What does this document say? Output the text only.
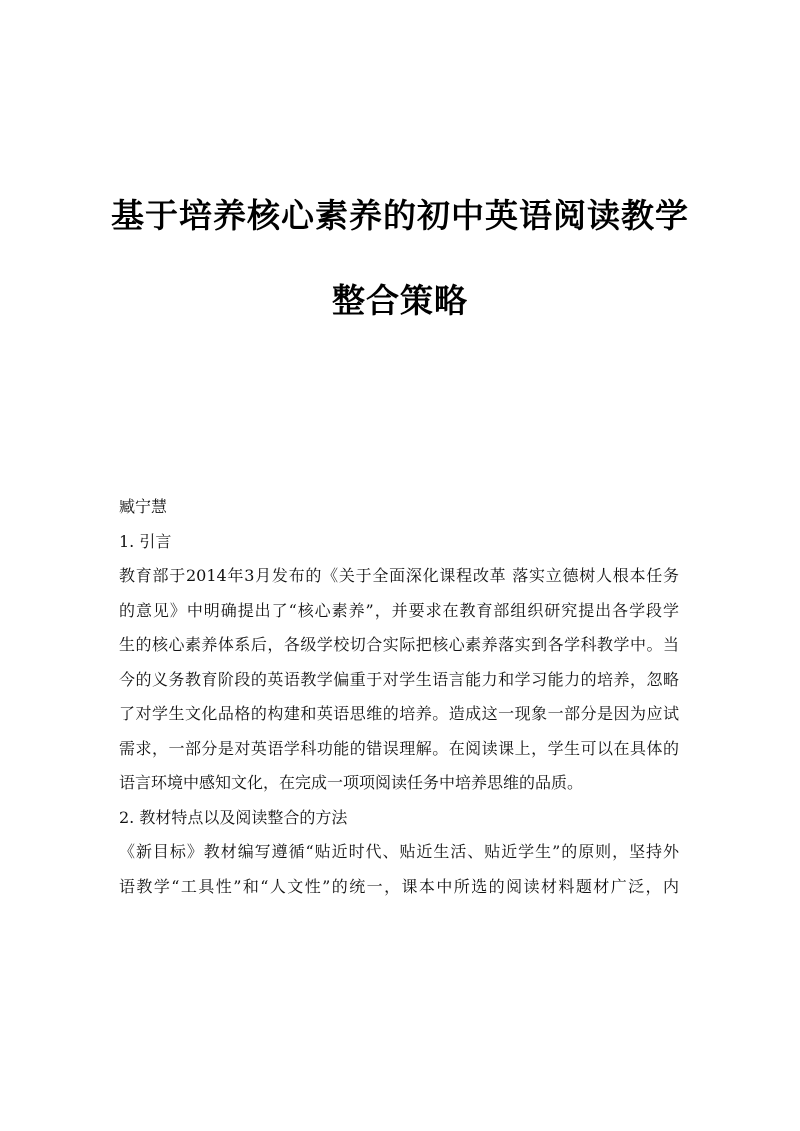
基于培养核心素养的初中英语阅读教学
整合策略
臧宁慧
1. 引言
教育部于2014年3月发布的《关于全面深化课程改革 落实立德树人根本任务
的意见》中明确提出了“核心素养”，并要求在教育部组织研究提出各学段学
生的核心素养体系后，各级学校切合实际把核心素养落实到各学科教学中。当
今的义务教育阶段的英语教学偏重于对学生语言能力和学习能力的培养，忽略
了对学生文化品格的构建和英语思维的培养。造成这一现象一部分是因为应试
需求，一部分是对英语学科功能的错误理解。在阅读课上，学生可以在具体的
语言环境中感知文化，在完成一项项阅读任务中培养思维的品质。
2. 教材特点以及阅读整合的方法
《新目标》教材编写遵循“贴近时代、贴近生活、贴近学生”的原则，坚持外
语教学“工具性”和“人文性”的统一，课本中所选的阅读材料题材广泛，内
